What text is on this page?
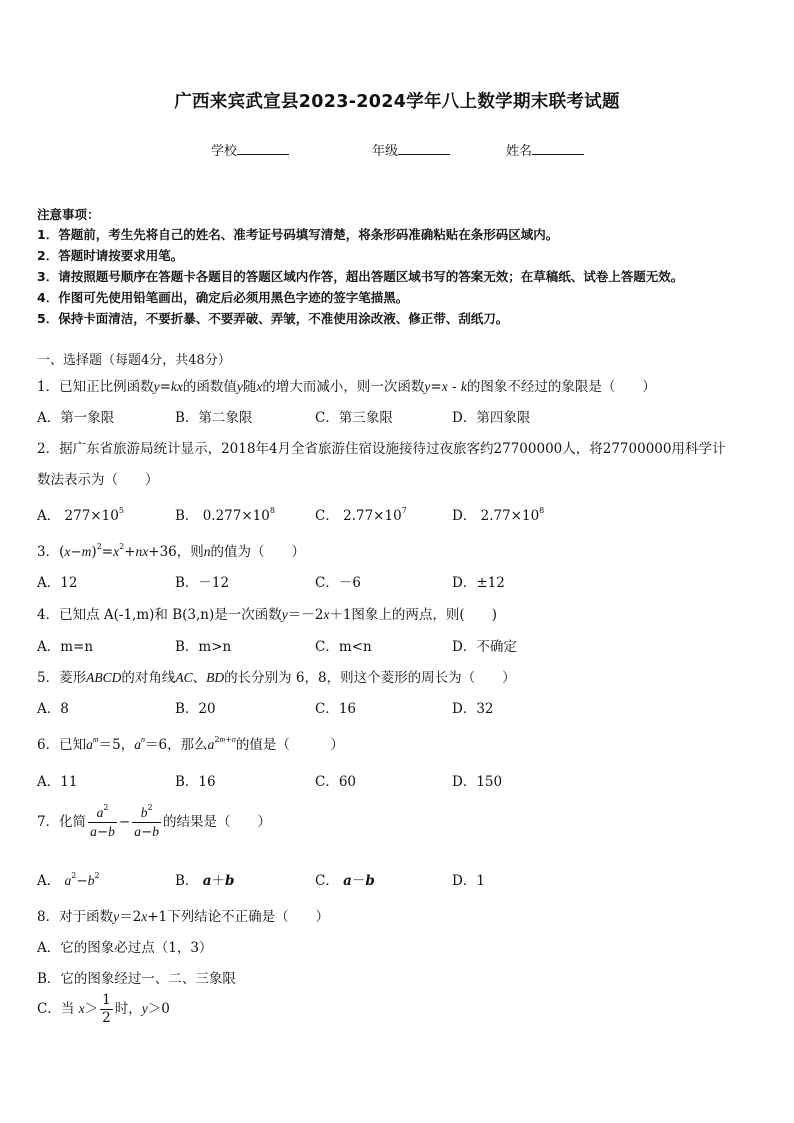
广西来宾武宣县2023-2024学年八上数学期末联考试题
学校	年级	姓名
注意事项：
1．答题前，考生先将自己的姓名、准考证号码填写清楚，将条形码准确粘贴在条形码区域内。
2．答题时请按要求用笔。
3．请按照题号顺序在答题卡各题目的答题区域内作答，超出答题区域书写的答案无效；在草稿纸、试卷上答题无效。
4．作图可先使用铅笔画出，确定后必须用黑色字迹的签字笔描黑。
5．保持卡面清洁，不要折暴、不要弄破、弄皱，不准使用涂改液、修正带、刮纸刀。
一、选择题（每题4分，共48分）
1．已知正比例函数y=kx的函数值y随x的增大而减小，则一次函数y=x - k的图象不经过的象限是（　　）
A．第一象限	B．第二象限	C．第三象限	D．第四象限
2．据广东省旅游局统计显示，2018年4月全省旅游住宿设施接待过夜旅客约27700000人，将27700000用科学计
数法表示为（　　）
A． $277\times 10^5$	B． $0.277\times 10^8$	C． $2.77\times 10^7$	D． $2.77\times 10^8$
3．$(x-m)^2=x^2+nx+36$，则n的值为（　　）
A．12	B．－12	C．－6	D．±12
4．已知点 A(-1,m)和 B(3,n)是一次函数y＝－2x＋1图象上的两点，则(　　)
A．m=n	B．m>n	C．m<n	D．不确定
5．菱形ABCD的对角线AC、BD的长分别为 6，8，则这个菱形的周长为（　　）
A．8	B．20	C．16	D．32
6．已知$a^m=5$，$a^n=6$，那么$a^{2m+n}$的值是（　　　）
A．11	B．16	C．60	D．150
7．化简 $\frac{a^2}{a-b} - \frac{b^2}{a-b}$ 的结果是（　　）
A． $a^2-b^2$	B． a＋b	C． a－b	D．1
8．对于函数y＝2x+1下列结论不正确是（　　）
A．它的图象必过点（1，3）
B．它的图象经过一、二、三象限
C．当 $x> \frac{1}{2}$ 时，y＞0
